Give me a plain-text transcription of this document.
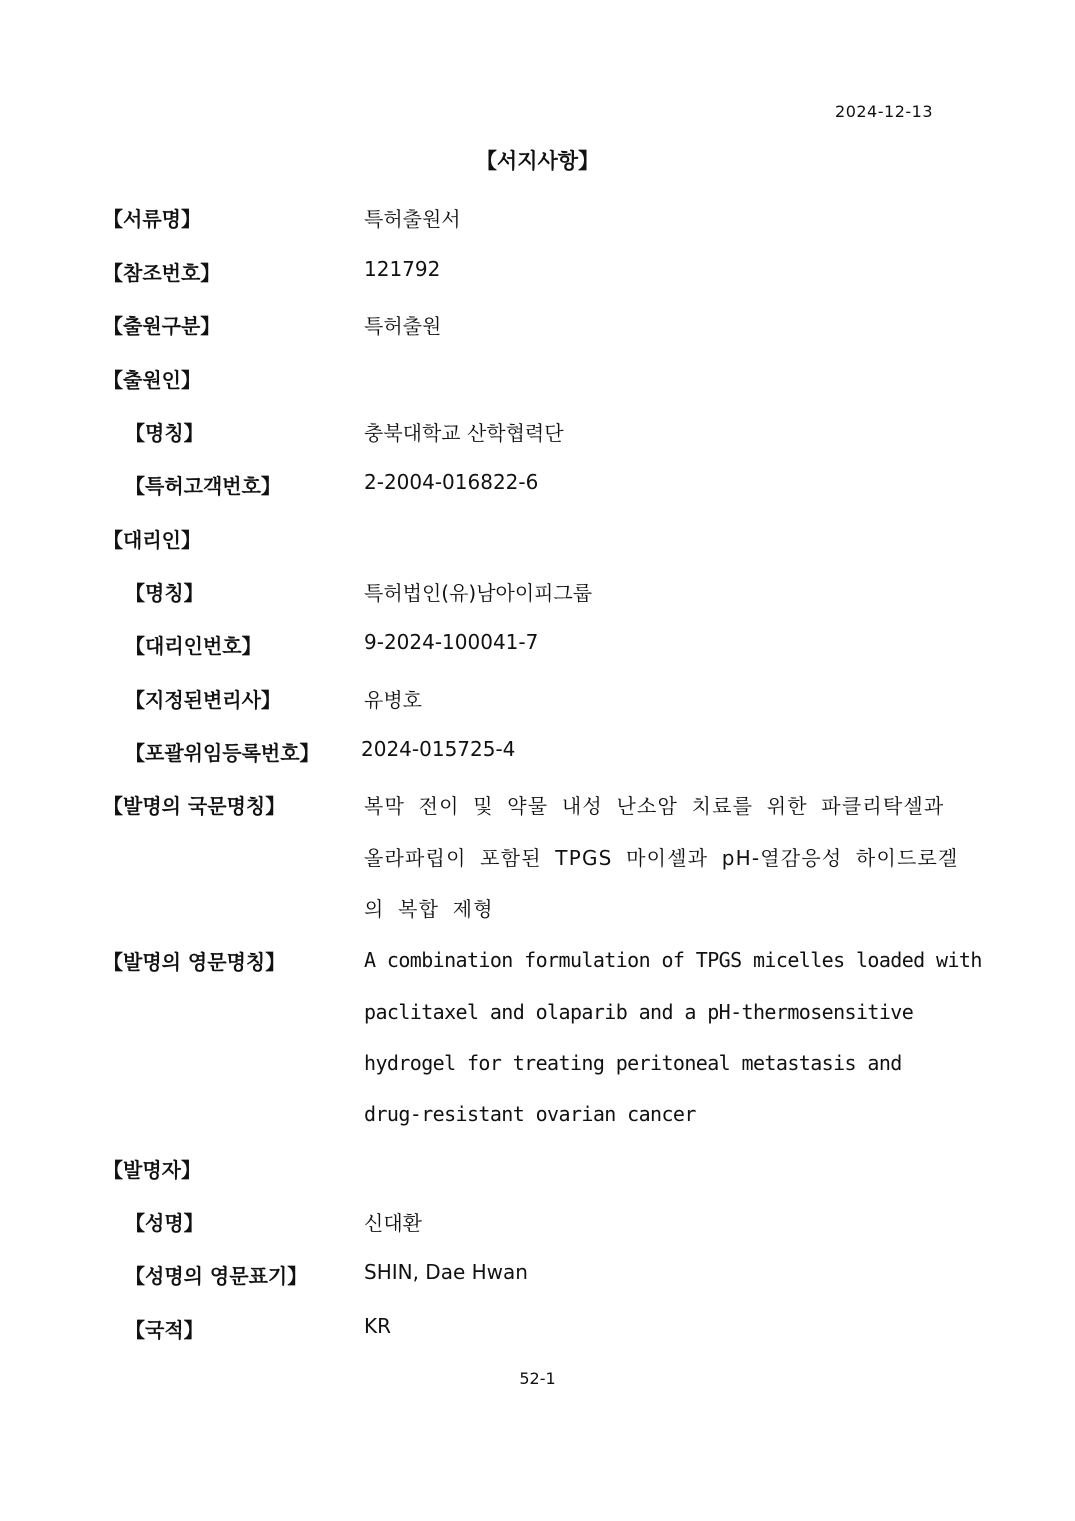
2024-12-13
【서지사항】
【서류명】	특허출원서
【참조번호】	121792
【출원구분】	특허출원
【출원인】
【명칭】	충북대학교 산학협력단
【특허고객번호】	2-2004-016822-6
【대리인】
【명칭】	특허법인(유)남아이피그룹
【대리인번호】	9-2024-100041-7
【지정된변리사】	유병호
【포괄위임등록번호】 2024-015725-4
【발명의 국문명칭】	복막 전이 및 약물 내성 난소암 치료를 위한 파클리탁셀과
올라파립이 포함된 TPGS 마이셀과 pH-열감응성 하이드로겔
의 복합 제형
【발명의 영문명칭】	A combination formulation of TPGS micelles loaded with
paclitaxel and olaparib and a pH-thermosensitive
hydrogel for treating peritoneal metastasis and
drug-resistant ovarian cancer
【발명자】
【성명】	신대환
【성명의 영문표기】	SHIN, Dae Hwan
【국적】	KR
52-1
